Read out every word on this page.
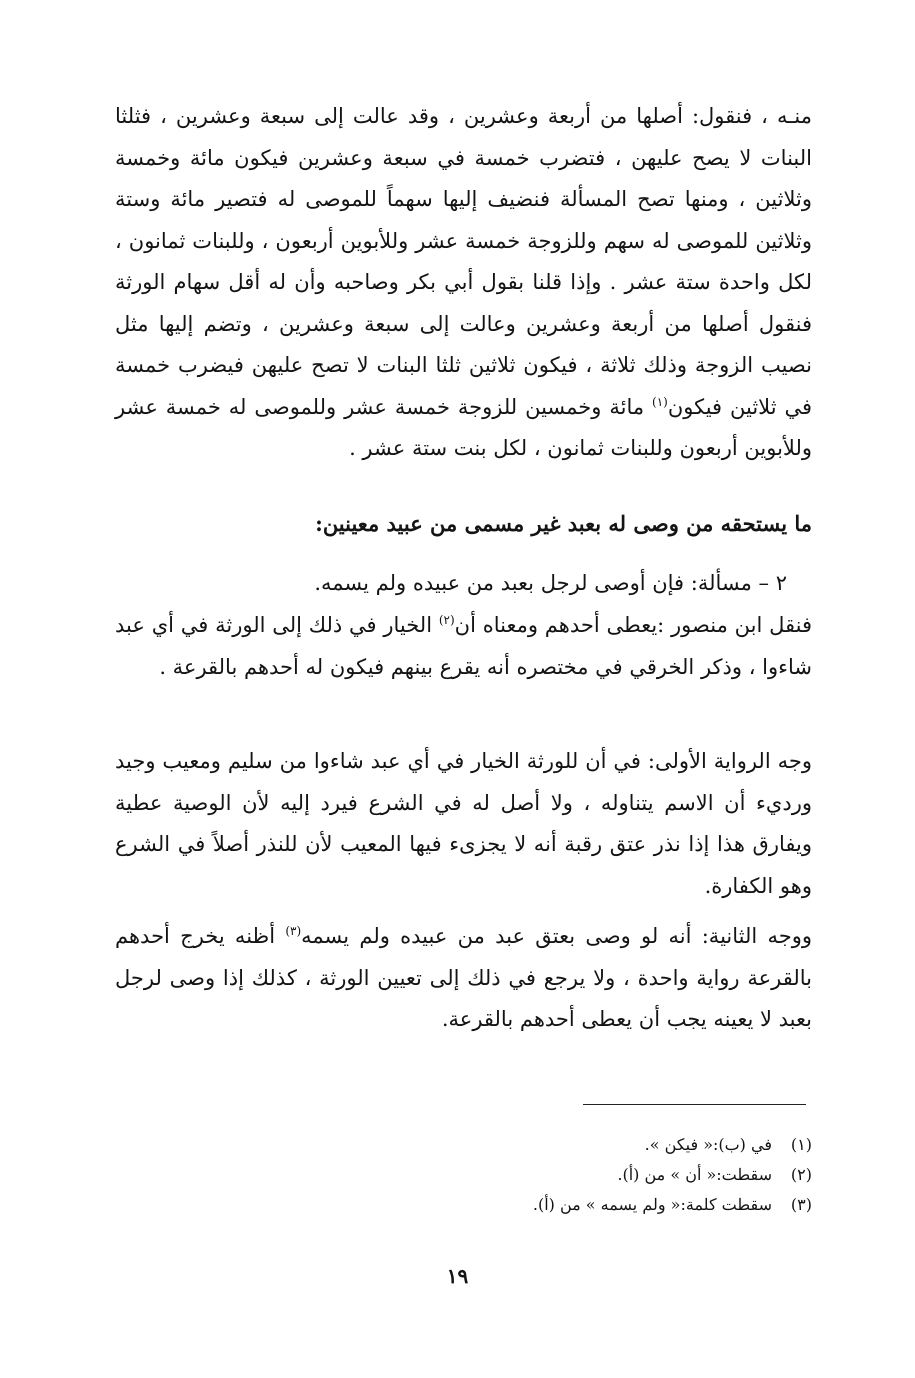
منـه ، فنقول: أصلها من أربعة وعشرين ، وقد عالت إلى سبعة وعشرين ، فثلثا البنات لا يصح عليهن ، فتضرب خمسة في سبعة وعشرين فيكون مائة وخمسة وثلاثين ، ومنها تصح المسألة فنضيف إليها سهماً للموصى له فتصير مائة وستة وثلاثين للموصى له سهم وللزوجة خمسة عشر وللأبوين أربعون ، وللبنات ثمانون ، لكل واحدة ستة عشر . وإذا قلنا بقول أبي بكر وصاحبه وأن له أقل سهام الورثة فنقول أصلها من أربعة وعشرين وعالت إلى سبعة وعشرين ، وتضم إليها مثل نصيب الزوجة وذلك ثلاثة ، فيكون ثلاثين ثلثا البنات لا تصح عليهن فيضرب خمسة في ثلاثين فيكون$^{(١)}$ مائة وخمسين للزوجة خمسة عشر وللموصى له خمسة عشر وللأبوين أربعون وللبنات ثمانون ، لكل بنت ستة عشر .
ما يستحقه من وصى له بعبد غير مسمى من عبيد معينين:
٢ – مسألة: فإن أوصى لرجل بعبد من عبيده ولم يسمه.
فنقل ابن منصور :يعطى أحدهم ومعناه أن$^{(٢)}$ الخيار في ذلك إلى الورثة في أي عبد شاءوا ، وذكر الخرقي في مختصره أنه يقرع بينهم فيكون له أحدهم بالقرعة .
وجه الرواية الأولى: في أن للورثة الخيار في أي عبد شاءوا من سليم ومعيب وجيد ورديء أن الاسم يتناوله ، ولا أصل له في الشرع فيرد إليه لأن الوصية عطية ويفارق هذا إذا نذر عتق رقبة أنه لا يجزىء فيها المعيب لأن للنذر أصلاً في الشرع وهو الكفارة.
ووجه الثانية: أنه لو وصى بعتق عبد من عبيده ولم يسمه$^{(٣)}$ أظنه يخرج أحدهم بالقرعة رواية واحدة ، ولا يرجع في ذلك إلى تعيين الورثة ، كذلك إذا وصى لرجل بعبد لا يعينه يجب أن يعطى أحدهم بالقرعة.
(١)في (ب):« فيكن ».
(٢)سقطت:« أن » من (أ).
(٣)سقطت كلمة:« ولم يسمه » من (أ).
١٩
